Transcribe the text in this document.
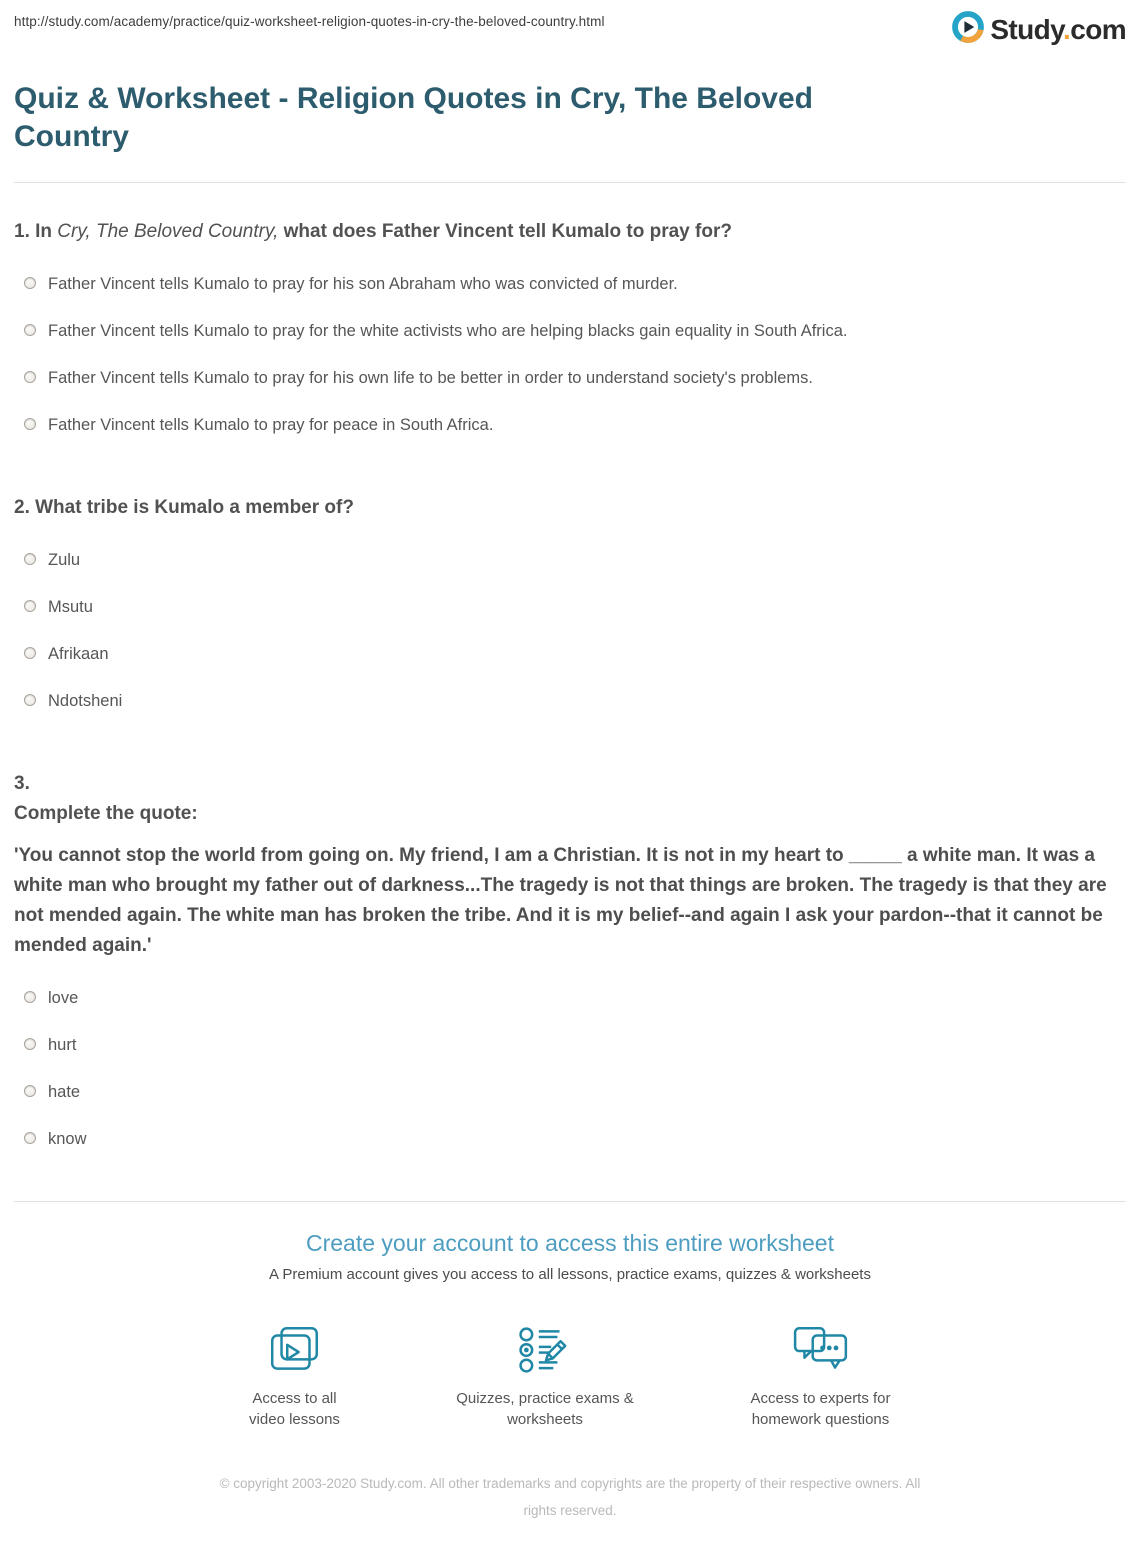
http://study.com/academy/practice/quiz-worksheet-religion-quotes-in-cry-the-beloved-country.html	Study.com
Quiz & Worksheet - Religion Quotes in Cry, The Beloved Country
1. In Cry, The Beloved Country, what does Father Vincent tell Kumalo to pray for?
Father Vincent tells Kumalo to pray for his son Abraham who was convicted of murder.
Father Vincent tells Kumalo to pray for the white activists who are helping blacks gain equality in South Africa.
Father Vincent tells Kumalo to pray for his own life to be better in order to understand society's problems.
Father Vincent tells Kumalo to pray for peace in South Africa.
2. What tribe is Kumalo a member of?
Zulu
Msutu
Afrikaan
Ndotsheni
3.
Complete the quote:
'You cannot stop the world from going on. My friend, I am a Christian. It is not in my heart to _____ a white man. It was a white man who brought my father out of darkness...The tragedy is not that things are broken. The tragedy is that they are not mended again. The white man has broken the tribe. And it is my belief--and again I ask your pardon--that it cannot be mended again.'
love
hurt
hate
know
Create your account to access this entire worksheet
A Premium account gives you access to all lessons, practice exams, quizzes & worksheets
Access to all video lessons
Quizzes, practice exams & worksheets
Access to experts for homework questions
© copyright 2003-2020 Study.com. All other trademarks and copyrights are the property of their respective owners. All rights reserved.
